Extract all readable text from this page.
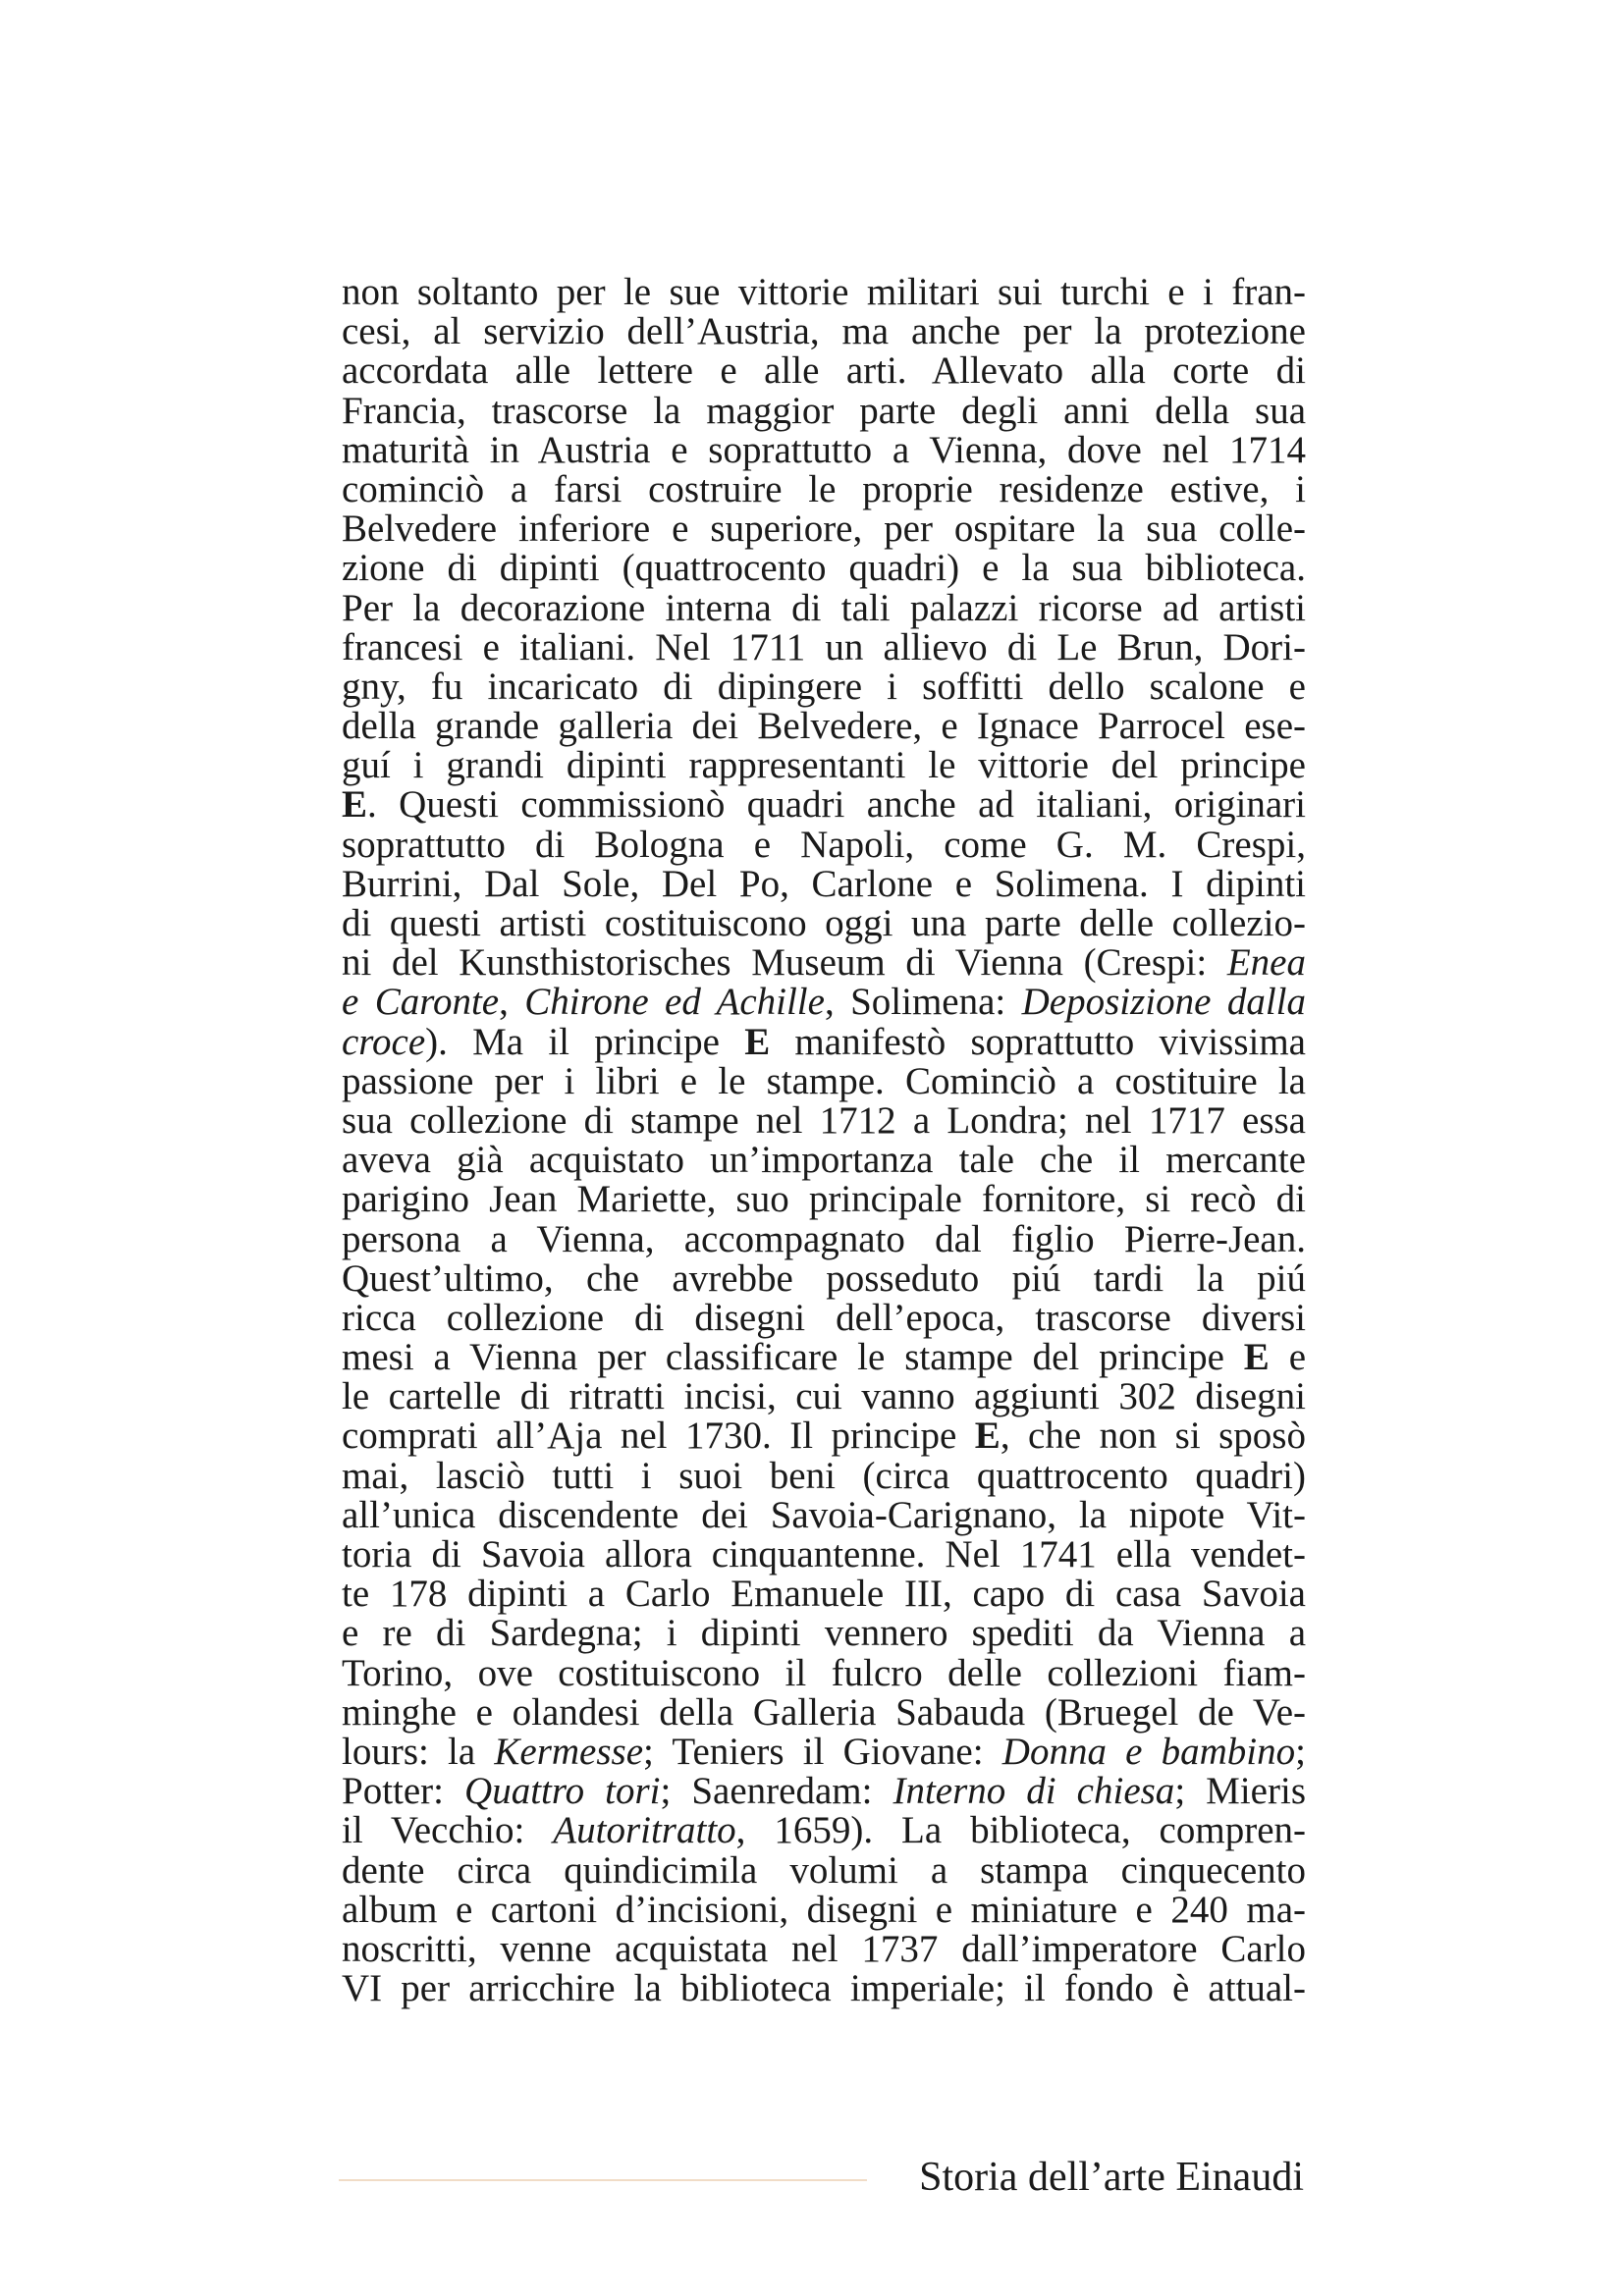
non soltanto per le sue vittorie militari sui turchi e i fran-
cesi, al servizio dell’Austria, ma anche per la protezione
accordata alle lettere e alle arti. Allevato alla corte di
Francia, trascorse la maggior parte degli anni della sua
maturità in Austria e soprattutto a Vienna, dove nel 1714
cominciò a farsi costruire le proprie residenze estive, i
Belvedere inferiore e superiore, per ospitare la sua colle-
zione di dipinti (quattrocento quadri) e la sua biblioteca.
Per la decorazione interna di tali palazzi ricorse ad artisti
francesi e italiani. Nel 1711 un allievo di Le Brun, Dori-
gny, fu incaricato di dipingere i soffitti dello scalone e
della grande galleria dei Belvedere, e Ignace Parrocel ese-
guí i grandi dipinti rappresentanti le vittorie del principe
E. Questi commissionò quadri anche ad italiani, originari
soprattutto di Bologna e Napoli, come G. M. Crespi,
Burrini, Dal Sole, Del Po, Carlone e Solimena. I dipinti
di questi artisti costituiscono oggi una parte delle collezio-
ni del Kunsthistorisches Museum di Vienna (Crespi: Enea
e Caronte, Chirone ed Achille, Solimena: Deposizione dalla
croce). Ma il principe E manifestò soprattutto vivissima
passione per i libri e le stampe. Cominciò a costituire la
sua collezione di stampe nel 1712 a Londra; nel 1717 essa
aveva già acquistato un’importanza tale che il mercante
parigino Jean Mariette, suo principale fornitore, si recò di
persona a Vienna, accompagnato dal figlio Pierre-Jean.
Quest’ultimo, che avrebbe posseduto piú tardi la piú
ricca collezione di disegni dell’epoca, trascorse diversi
mesi a Vienna per classificare le stampe del principe E e
le cartelle di ritratti incisi, cui vanno aggiunti 302 disegni
comprati all’Aja nel 1730. Il principe E, che non si sposò
mai, lasciò tutti i suoi beni (circa quattrocento quadri)
all’unica discendente dei Savoia-Carignano, la nipote Vit-
toria di Savoia allora cinquantenne. Nel 1741 ella vendet-
te 178 dipinti a Carlo Emanuele III, capo di casa Savoia
e re di Sardegna; i dipinti vennero spediti da Vienna a
Torino, ove costituiscono il fulcro delle collezioni fiam-
minghe e olandesi della Galleria Sabauda (Bruegel de Ve-
lours: la Kermesse; Teniers il Giovane: Donna e bambino;
Potter: Quattro tori; Saenredam: Interno di chiesa; Mieris
il Vecchio: Autoritratto, 1659). La biblioteca, compren-
dente circa quindicimila volumi a stampa cinquecento
album e cartoni d’incisioni, disegni e miniature e 240 ma-
noscritti, venne acquistata nel 1737 dall’imperatore Carlo
VI per arricchire la biblioteca imperiale; il fondo è attual-
Storia dell’arte Einaudi
